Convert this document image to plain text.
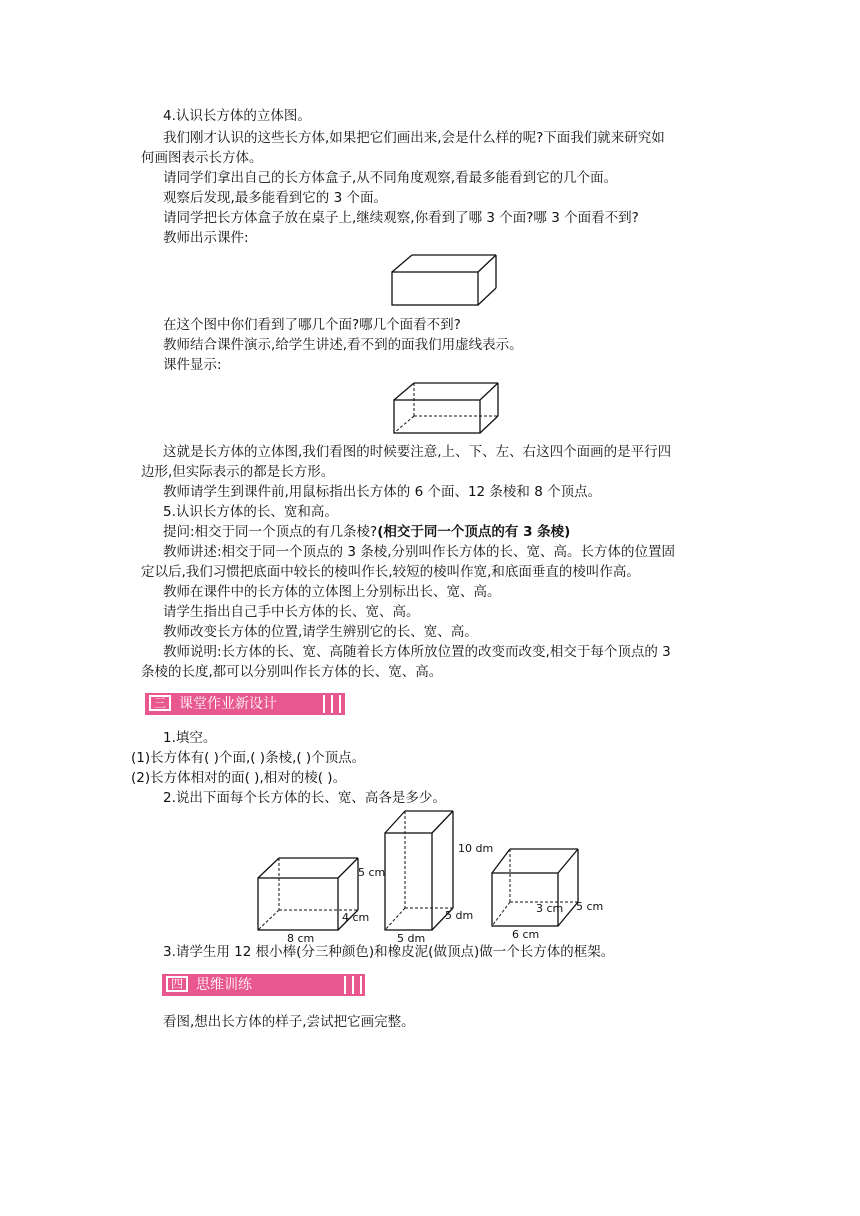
4.认识长方体的立体图。
我们刚才认识的这些长方体,如果把它们画出来,会是什么样的呢?下面我们就来研究如
何画图表示长方体。
请同学们拿出自己的长方体盒子,从不同角度观察,看最多能看到它的几个面。
观察后发现,最多能看到它的 3 个面。
请同学把长方体盒子放在桌子上,继续观察,你看到了哪 3 个面?哪 3 个面看不到?
教师出示课件:
在这个图中你们看到了哪几个面?哪几个面看不到?
教师结合课件演示,给学生讲述,看不到的面我们用虚线表示。
课件显示:
这就是长方体的立体图,我们看图的时候要注意,上、下、左、右这四个面画的是平行四
边形,但实际表示的都是长方形。
教师请学生到课件前,用鼠标指出长方体的 6 个面、12 条棱和 8 个顶点。
5.认识长方体的长、宽和高。
提问:相交于同一个顶点的有几条棱?(相交于同一个顶点的有 3 条棱)
教师讲述:相交于同一个顶点的 3 条棱,分别叫作长方体的长、宽、高。长方体的位置固
定以后,我们习惯把底面中较长的棱叫作长,较短的棱叫作宽,和底面垂直的棱叫作高。
教师在课件中的长方体的立体图上分别标出长、宽、高。
请学生指出自己手中长方体的长、宽、高。
教师改变长方体的位置,请学生辨别它的长、宽、高。
教师说明:长方体的长、宽、高随着长方体所放位置的改变而改变,相交于每个顶点的 3
条棱的长度,都可以分别叫作长方体的长、宽、高。
三 课堂作业新设计
1.填空。
(1)长方体有( )个面,( )条棱,( )个顶点。
(2)长方体相对的面( ),相对的棱( )。
2.说出下面每个长方体的长、宽、高各是多少。
8 cm
4 cm
5 cm
5 dm
5 dm
10 dm
6 cm
3 cm 5 cm
3.请学生用 12 根小棒(分三种颜色)和橡皮泥(做顶点)做一个长方体的框架。
四 思维训练
看图,想出长方体的样子,尝试把它画完整。
